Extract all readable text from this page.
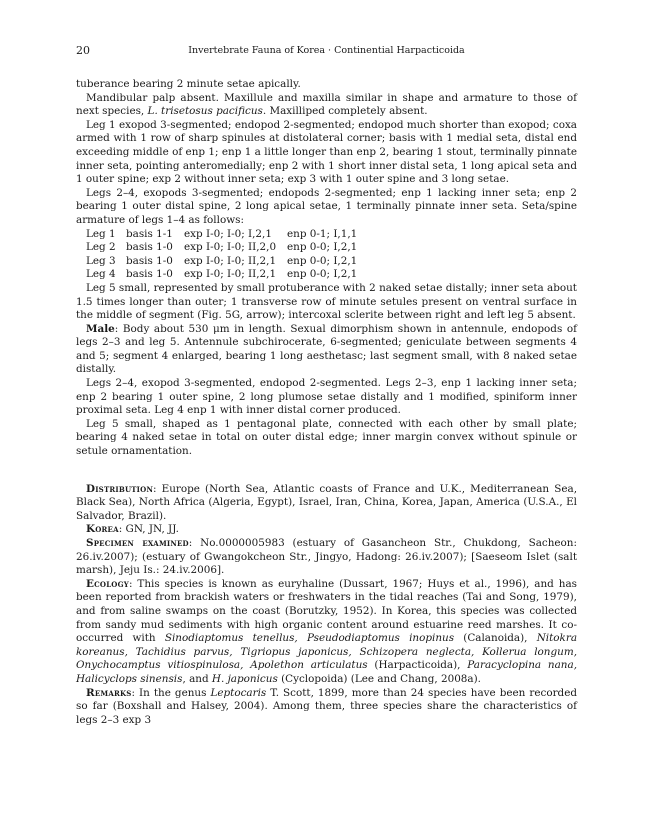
20	Invertebrate Fauna of Korea · Continential Harpacticoida

tuberance bearing 2 minute setae apically.

Mandibular palp absent. Maxillule and maxilla similar in shape and armature to those of next species, L. trisetosus pacificus. Maxilliped completely absent.

Leg 1 exopod 3-segmented; endopod 2-segmented; endopod much shorter than exopod; coxa armed with 1 row of sharp spinules at distolateral corner; basis with 1 medial seta, distal end exceeding middle of enp 1; enp 1 a little longer than enp 2, bearing 1 stout, terminally pinnate inner seta, pointing anteromedially; enp 2 with 1 short inner distal seta, 1 long apical seta and 1 outer spine; exp 2 without inner seta; exp 3 with 1 outer spine and 3 long setae.

Legs 2–4, exopods 3-segmented; endopods 2-segmented; enp 1 lacking inner seta; enp 2 bearing 1 outer distal spine, 2 long apical setae, 1 terminally pinnate inner seta. Seta/spine armature of legs 1–4 as follows:

Leg 1	basis 1-1	exp I-0; I-0; I,2,1	enp 0-1; I,1,1
Leg 2	basis 1-0	exp I-0; I-0; II,2,0	enp 0-0; I,2,1
Leg 3	basis 1-0	exp I-0; I-0; II,2,1	enp 0-0; I,2,1
Leg 4	basis 1-0	exp I-0; I-0; II,2,1	enp 0-0; I,2,1

Leg 5 small, represented by small protuberance with 2 naked setae distally; inner seta about 1.5 times longer than outer; 1 transverse row of minute setules present on ventral surface in the middle of segment (Fig. 5G, arrow); intercoxal sclerite between right and left leg 5 absent.

Male: Body about 530 μm in length. Sexual dimorphism shown in antennule, endopods of legs 2–3 and leg 5. Antennule subchirocerate, 6-segmented; geniculate between segments 4 and 5; segment 4 enlarged, bearing 1 long aesthetasc; last segment small, with 8 naked setae distally.

Legs 2–4, exopod 3-segmented, endopod 2-segmented. Legs 2–3, enp 1 lacking inner seta; enp 2 bearing 1 outer spine, 2 long plumose setae distally and 1 modified, spiniform inner proximal seta. Leg 4 enp 1 with inner distal corner produced.

Leg 5 small, shaped as 1 pentagonal plate, connected with each other by small plate; bearing 4 naked setae in total on outer distal edge; inner margin convex without spinule or setule ornamentation.

Distribution: Europe (North Sea, Atlantic coasts of France and U.K., Mediterranean Sea, Black Sea), North Africa (Algeria, Egypt), Israel, Iran, China, Korea, Japan, America (U.S.A., El Salvador, Brazil).

Korea: GN, JN, JJ.

Specimen examined: No.0000005983 (estuary of Gasancheon Str., Chukdong, Sacheon: 26.iv.2007); (estuary of Gwangokcheon Str., Jingyo, Hadong: 26.iv.2007); [Saeseom Islet (salt marsh), Jeju Is.: 24.iv.2006].

Ecology: This species is known as euryhaline (Dussart, 1967; Huys et al., 1996), and has been reported from brackish waters or freshwaters in the tidal reaches (Tai and Song, 1979), and from saline swamps on the coast (Borutzky, 1952). In Korea, this species was collected from sandy mud sediments with high organic content around estuarine reed marshes. It co-occurred with Sinodiaptomus tenellus, Pseudodiaptomus inopinus (Calanoida), Nitokra koreanus, Tachidius parvus, Tigriopus japonicus, Schizopera neglecta, Kollerua longum, Onychocamptus vitiospinulosa, Apolethon articulatus (Harpacticoida), Paracyclopina nana, Halicyclops sinensis, and H. japonicus (Cyclopoida) (Lee and Chang, 2008a).

Remarks: In the genus Leptocaris T. Scott, 1899, more than 24 species have been recorded so far (Boxshall and Halsey, 2004). Among them, three species share the characteristics of legs 2–3 exp 3
